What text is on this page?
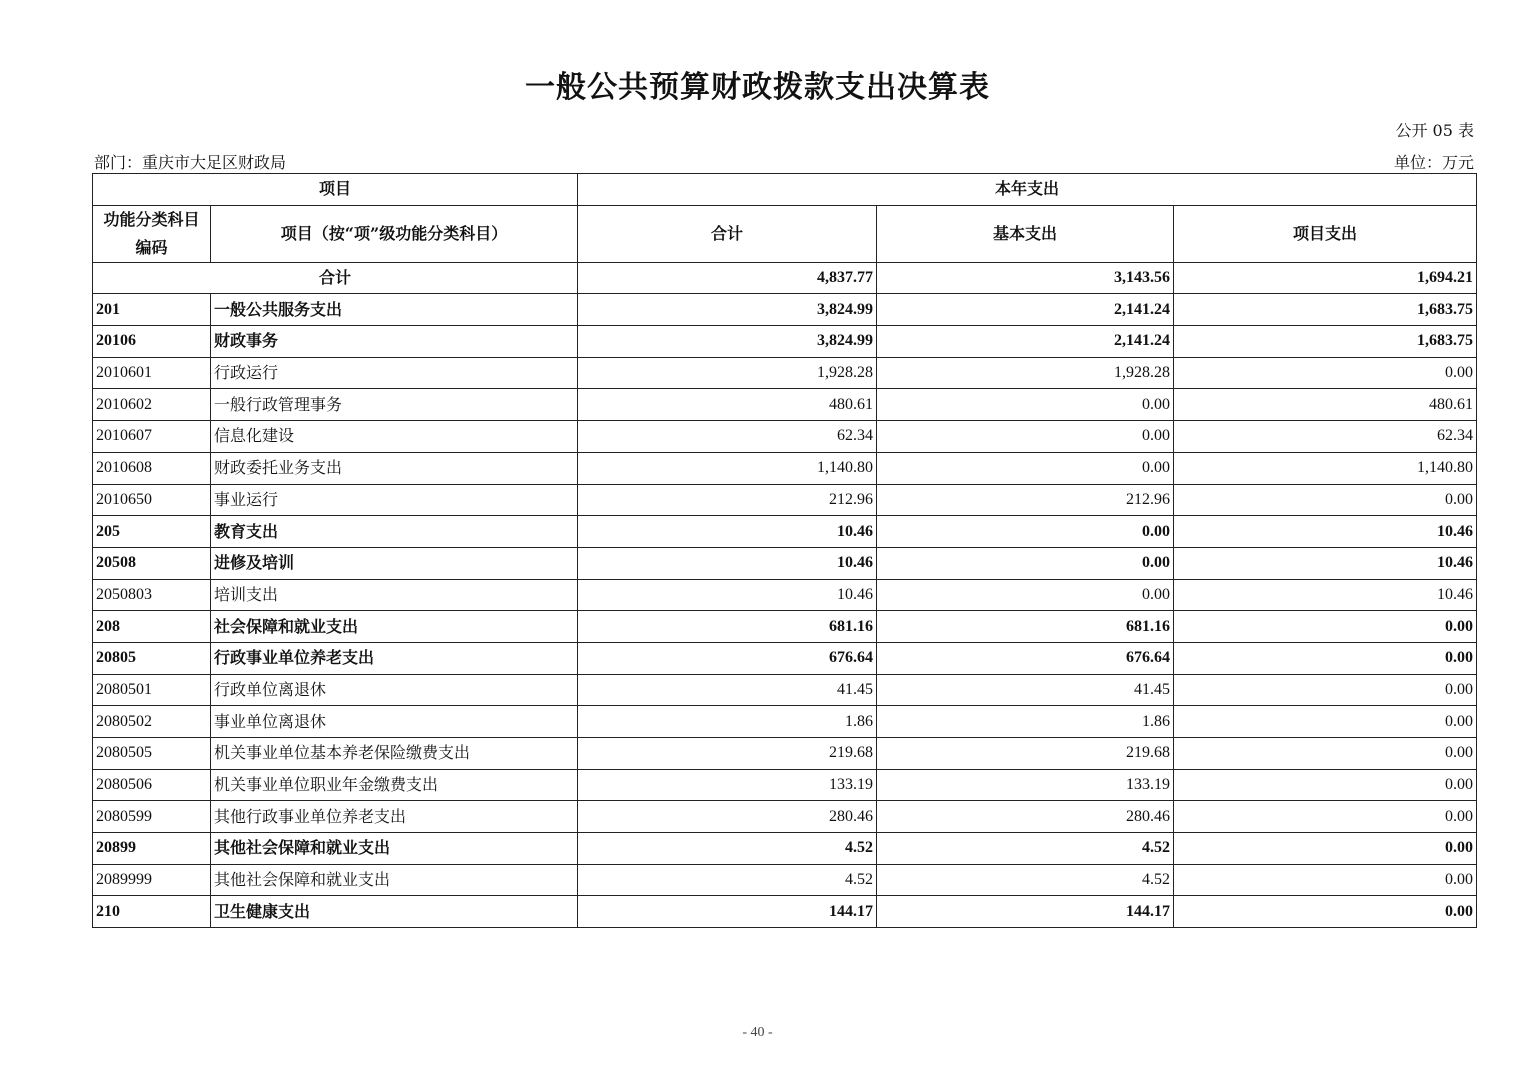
一般公共预算财政拨款支出决算表
公开 05 表
部门：重庆市大足区财政局	单位：万元
项目		本年支出		
功能分类科目编码	项目（按“项”级功能分类科目）	合计	基本支出	项目支出
合计		4,837.77	3,143.56	1,694.21
201	一般公共服务支出	3,824.99	2,141.24	1,683.75
20106	财政事务	3,824.99	2,141.24	1,683.75
2010601	行政运行	1,928.28	1,928.28	0.00
2010602	一般行政管理事务	480.61	0.00	480.61
2010607	信息化建设	62.34	0.00	62.34
2010608	财政委托业务支出	1,140.80	0.00	1,140.80
2010650	事业运行	212.96	212.96	0.00
205	教育支出	10.46	0.00	10.46
20508	进修及培训	10.46	0.00	10.46
2050803	培训支出	10.46	0.00	10.46
208	社会保障和就业支出	681.16	681.16	0.00
20805	行政事业单位养老支出	676.64	676.64	0.00
2080501	行政单位离退休	41.45	41.45	0.00
2080502	事业单位离退休	1.86	1.86	0.00
2080505	机关事业单位基本养老保险缴费支出	219.68	219.68	0.00
2080506	机关事业单位职业年金缴费支出	133.19	133.19	0.00
2080599	其他行政事业单位养老支出	280.46	280.46	0.00
20899	其他社会保障和就业支出	4.52	4.52	0.00
2089999	其他社会保障和就业支出	4.52	4.52	0.00
210	卫生健康支出	144.17	144.17	0.00
- 40 -
